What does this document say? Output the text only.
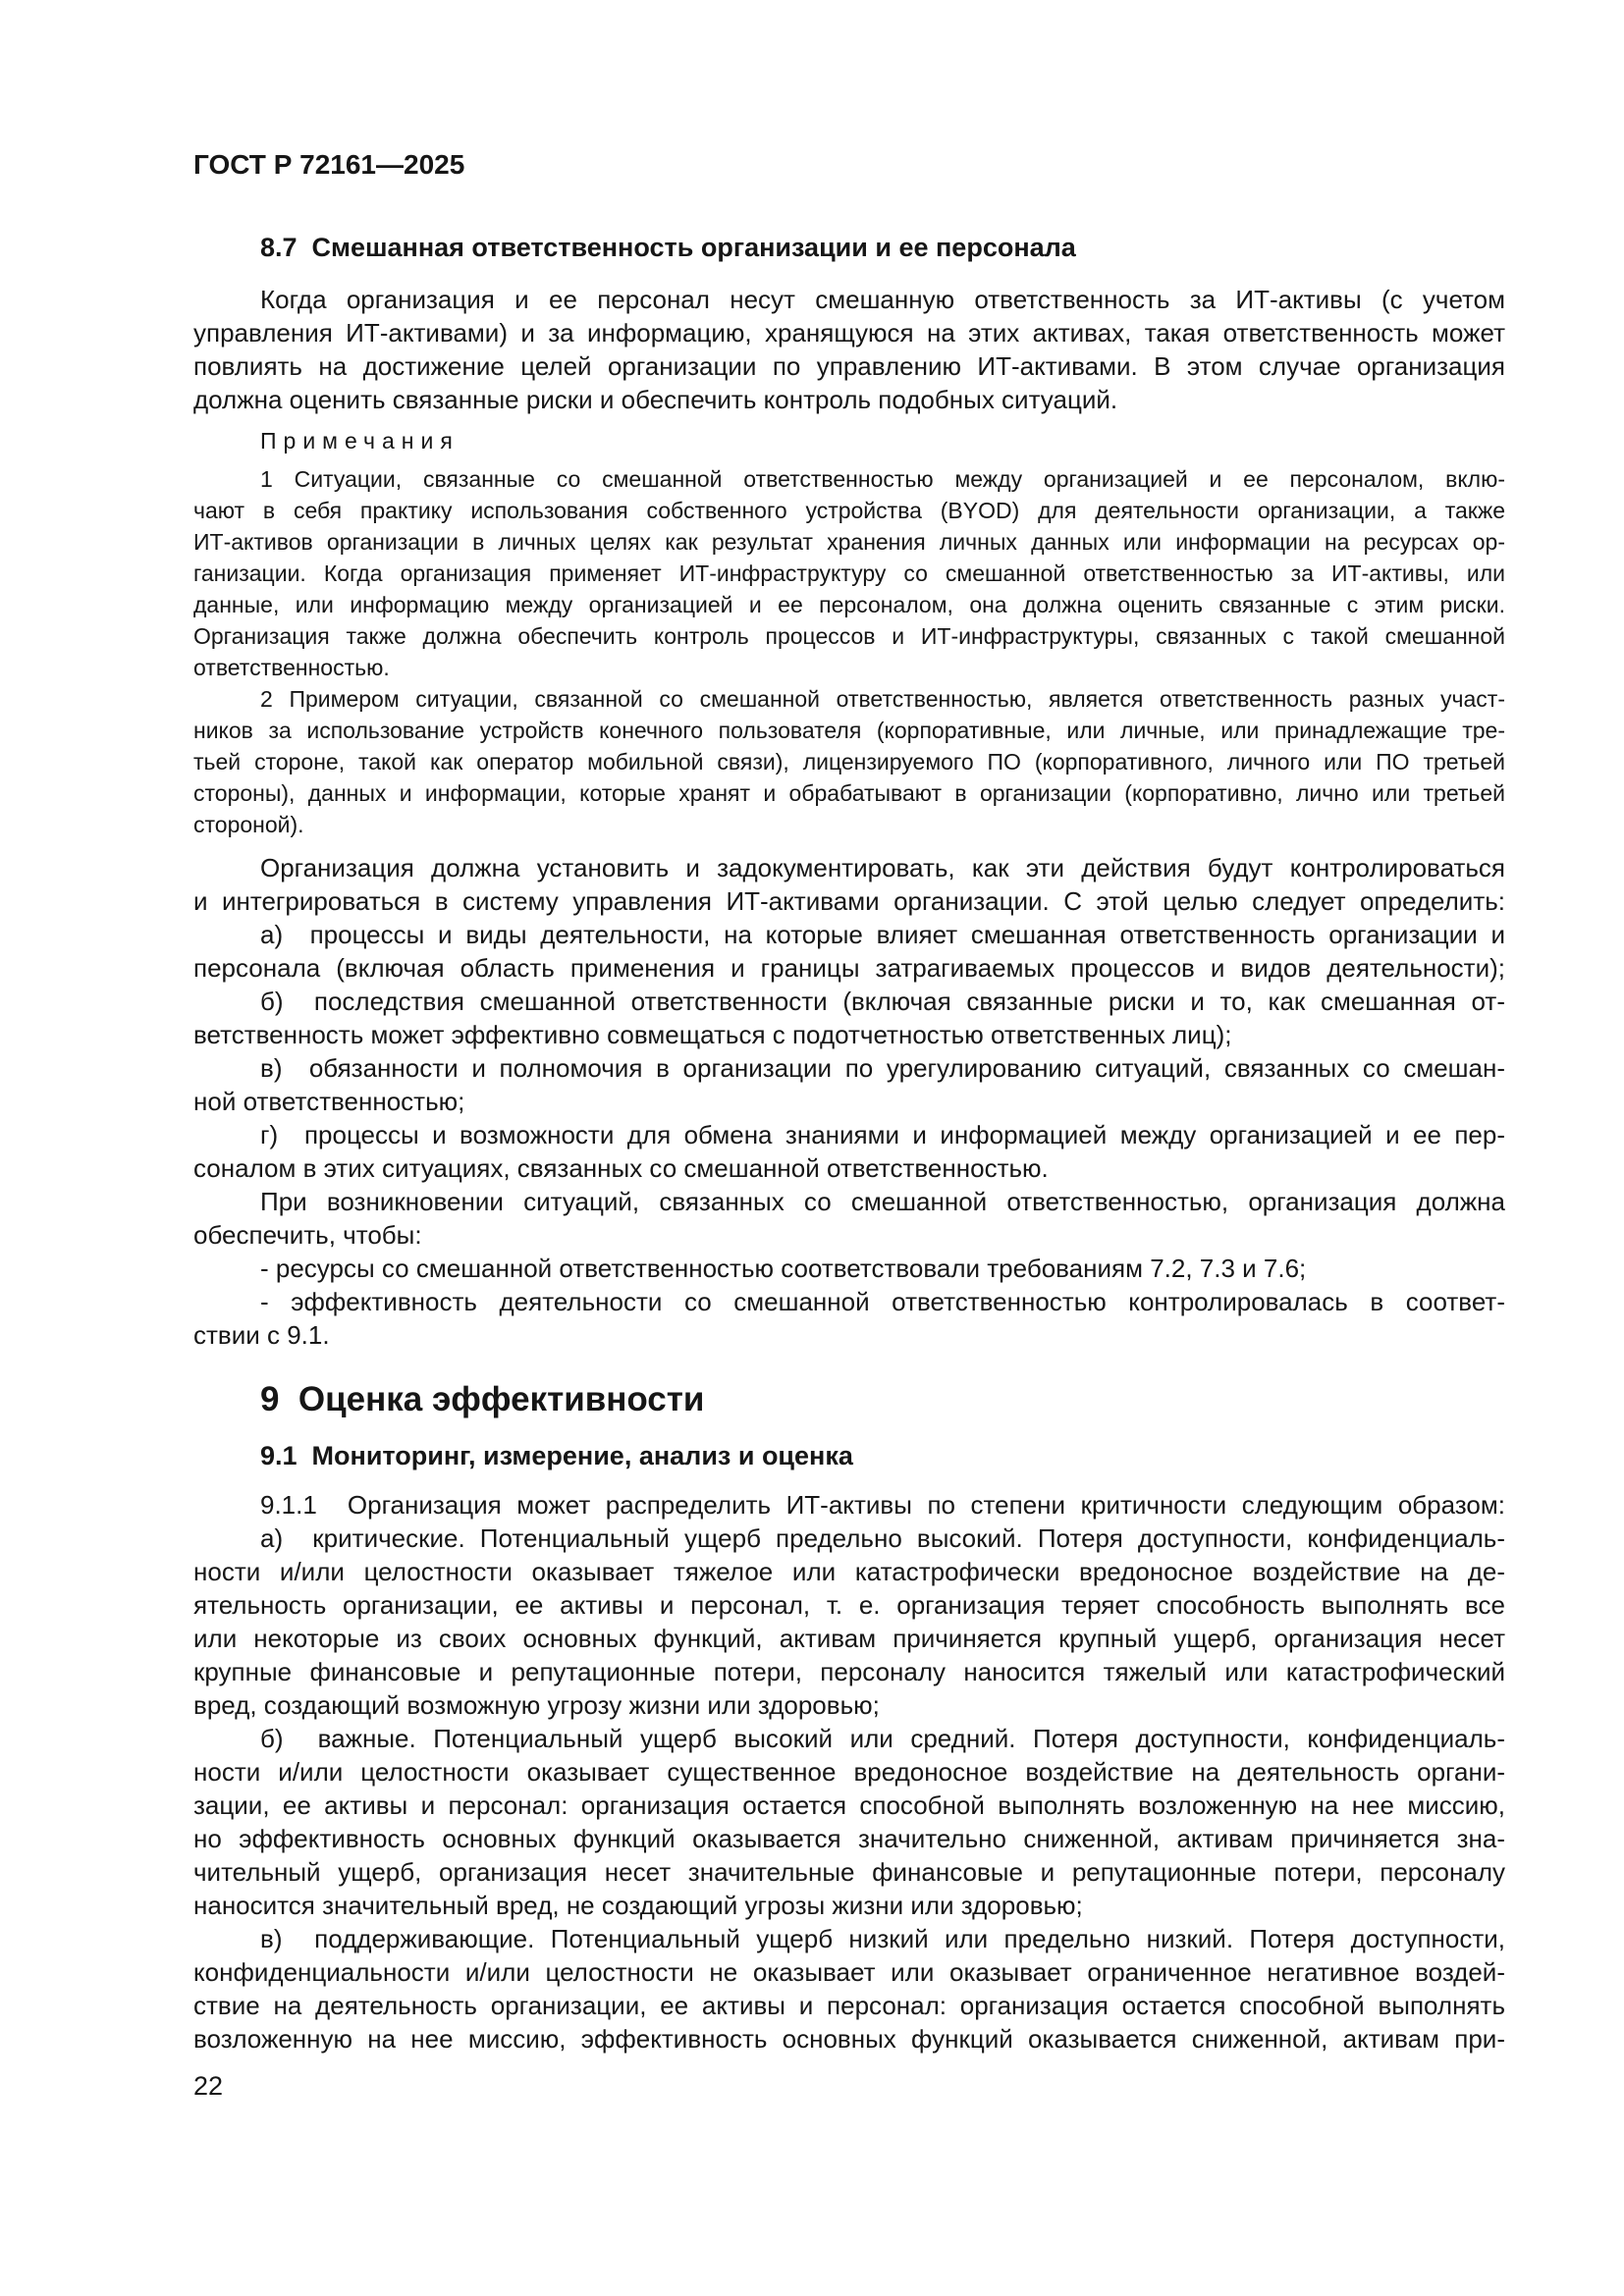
ГОСТ Р 72161—2025
8.7  Смешанная ответственность организации и ее персонала
Когда организация и ее персонал несут смешанную ответственность за ИТ-активы (с учетом
управления ИТ-активами) и за информацию, хранящуюся на этих активах, такая ответственность может
повлиять на достижение целей организации по управлению ИТ-активами. В этом случае организация
должна оценить связанные риски и обеспечить контроль подобных ситуаций.
Примечания
1 Ситуации, связанные со смешанной ответственностью между организацией и ее персоналом, вклю-
чают в себя практику использования собственного устройства (BYOD) для деятельности организации, а также
ИТ-активов организации в личных целях как результат хранения личных данных или информации на ресурсах ор-
ганизации. Когда организация применяет ИТ-инфраструктуру со смешанной ответственностью за ИТ-активы, или
данные, или информацию между организацией и ее персоналом, она должна оценить связанные с этим риски.
Организация также должна обеспечить контроль процессов и ИТ-инфраструктуры, связанных с такой смешанной
ответственностью.
2 Примером ситуации, связанной со смешанной ответственностью, является ответственность разных участ-
ников за использование устройств конечного пользователя (корпоративные, или личные, или принадлежащие тре-
тьей стороне, такой как оператор мобильной связи), лицензируемого ПО (корпоративного, личного или ПО третьей
стороны), данных и информации, которые хранят и обрабатывают в организации (корпоративно, лично или третьей
стороной).
Организация должна установить и задокументировать, как эти действия будут контролироваться
и интегрироваться в систему управления ИТ-активами организации. С этой целью следует определить:
а)  процессы и виды деятельности, на которые влияет смешанная ответственность организации и
персонала (включая область применения и границы затрагиваемых процессов и видов деятельности);
б)  последствия смешанной ответственности (включая связанные риски и то, как смешанная от-
ветственность может эффективно совмещаться с подотчетностью ответственных лиц);
в)  обязанности и полномочия в организации по урегулированию ситуаций, связанных со смешан-
ной ответственностью;
г)  процессы и возможности для обмена знаниями и информацией между организацией и ее пер-
соналом в этих ситуациях, связанных со смешанной ответственностью.
При возникновении ситуаций, связанных со смешанной ответственностью, организация должна
обеспечить, чтобы:
- ресурсы со смешанной ответственностью соответствовали требованиям 7.2, 7.3 и 7.6;
- эффективность деятельности со смешанной ответственностью контролировалась в соответ-
ствии с 9.1.
9  Оценка эффективности
9.1  Мониторинг, измерение, анализ и оценка
9.1.1  Организация может распределить ИТ-активы по степени критичности следующим образом:
а)  критические. Потенциальный ущерб предельно высокий. Потеря доступности, конфиденциаль-
ности и/или целостности оказывает тяжелое или катастрофически вредоносное воздействие на де-
ятельность организации, ее активы и персонал, т. е. организация теряет способность выполнять все
или некоторые из своих основных функций, активам причиняется крупный ущерб, организация несет
крупные финансовые и репутационные потери, персоналу наносится тяжелый или катастрофический
вред, создающий возможную угрозу жизни или здоровью;
б)  важные. Потенциальный ущерб высокий или средний. Потеря доступности, конфиденциаль-
ности и/или целостности оказывает существенное вредоносное воздействие на деятельность органи-
зации, ее активы и персонал: организация остается способной выполнять возложенную на нее миссию,
но эффективность основных функций оказывается значительно сниженной, активам причиняется зна-
чительный ущерб, организация несет значительные финансовые и репутационные потери, персоналу
наносится значительный вред, не создающий угрозы жизни или здоровью;
в)  поддерживающие. Потенциальный ущерб низкий или предельно низкий. Потеря доступности,
конфиденциальности и/или целостности не оказывает или оказывает ограниченное негативное воздей-
ствие на деятельность организации, ее активы и персонал: организация остается способной выполнять
возложенную на нее миссию, эффективность основных функций оказывается сниженной, активам при-
22
